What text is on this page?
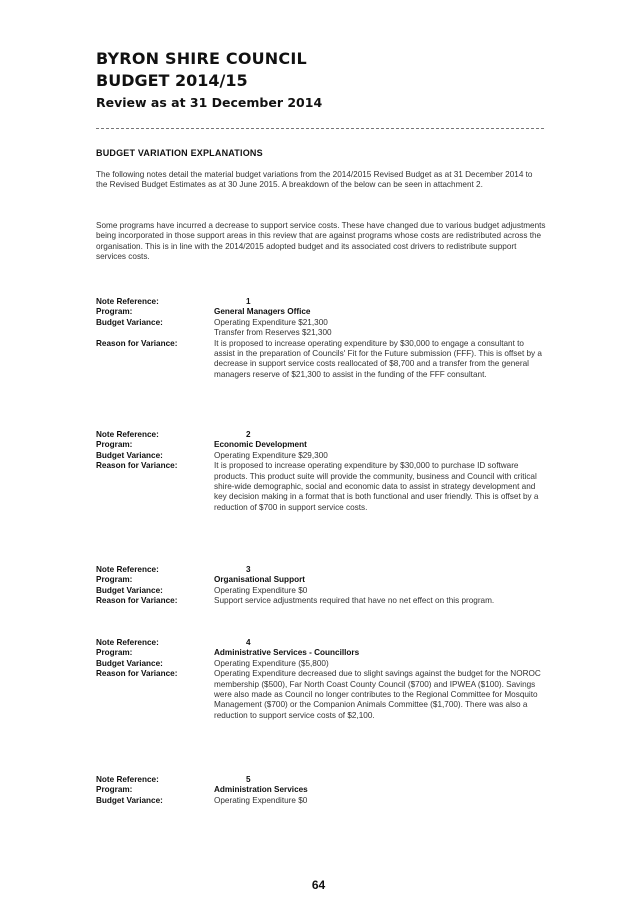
BYRON SHIRE COUNCIL
BUDGET 2014/15
Review as at 31 December 2014
BUDGET VARIATION EXPLANATIONS

The following notes detail the material budget variations from the 2014/2015 Revised Budget as at 31 December 2014 to the Revised Budget Estimates as at 30 June 2015. A breakdown of the below can be seen in attachment 2.

Some programs have incurred a decrease to support service costs. These have changed due to various budget adjustments being incorporated in those support areas in this review that are against programs whose costs are redistributed across the organisation. This is in line with the 2014/2015 adopted budget and its associated cost drivers to redistribute support services costs.

Note Reference:	1
Program:	General Managers Office
Budget Variance:	Operating Expenditure $21,300
Transfer from Reserves $21,300
Reason for Variance:	It is proposed to increase operating expenditure by $30,000 to engage a consultant to assist in the preparation of Councils' Fit for the Future submission (FFF). This is offset by a decrease in support service costs reallocated of $8,700 and a transfer from the general managers reserve of $21,300 to assist in the funding of the FFF consultant.
Note Reference:	2
Program:	Economic Development
Budget Variance:	Operating Expenditure $29,300
Reason for Variance:	It is proposed to increase operating expenditure by $30,000 to purchase ID software products. This product suite will provide the community, business and Council with critical shire-wide demographic, social and economic data to assist in strategy development and key decision making in a format that is both functional and user friendly. This is offset by a reduction of $700 in support service costs.
Note Reference:	3
Program:	Organisational Support
Budget Variance:	Operating Expenditure $0
Reason for Variance:	Support service adjustments required that have no net effect on this program.
Note Reference:	4
Program:	Administrative Services - Councillors
Budget Variance:	Operating Expenditure ($5,800)
Reason for Variance:	Operating Expenditure decreased due to slight savings against the budget for the NOROC membership ($500), Far North Coast County Council ($700) and IPWEA ($100). Savings were also made as Council no longer contributes to the Regional Committee for Mosquito Management ($700) or the Companion Animals Committee ($1,700). There was also a reduction to support service costs of $2,100.
Note Reference:	5
Program:	Administration Services
Budget Variance:	Operating Expenditure $0
64
